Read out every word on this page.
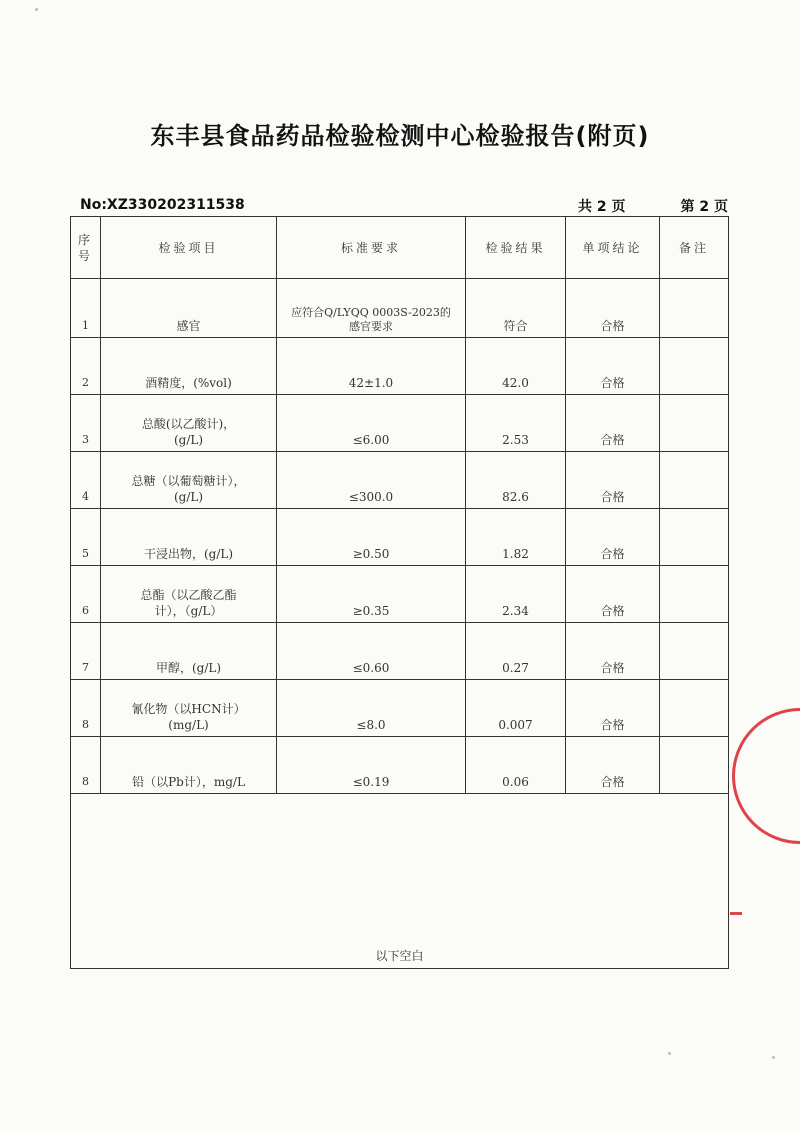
东丰县食品药品检验检测中心检验报告(附页)
No:XZ330202311538	共 2 页	第 2 页
序
号	检验项目	标准要求	检验结果	单项结论	备注

1	感官	应符合Q/LYQQ 0003S-2023的
感官要求	符合	合格	

2	酒精度，(%vol)	42±1.0	42.0	合格	

3	总酸(以乙酸计)，
(g/L)	≤6.00	2.53	合格	

4	总糖（以葡萄糖计），
(g/L)	≤300.0	82.6	合格	

5	干浸出物，(g/L)	≥0.50	1.82	合格	

6	总酯（以乙酸乙酯
计），（g/L）	≥0.35	2.34	合格	

7	甲醇，(g/L)	≤0.60	0.27	合格	

8	氰化物（以HCN计）
(mg/L)	≤8.0	0.007	合格	

8	铅（以Pb计），mg/L	≤0.19	0.06	合格	

以下空白					
